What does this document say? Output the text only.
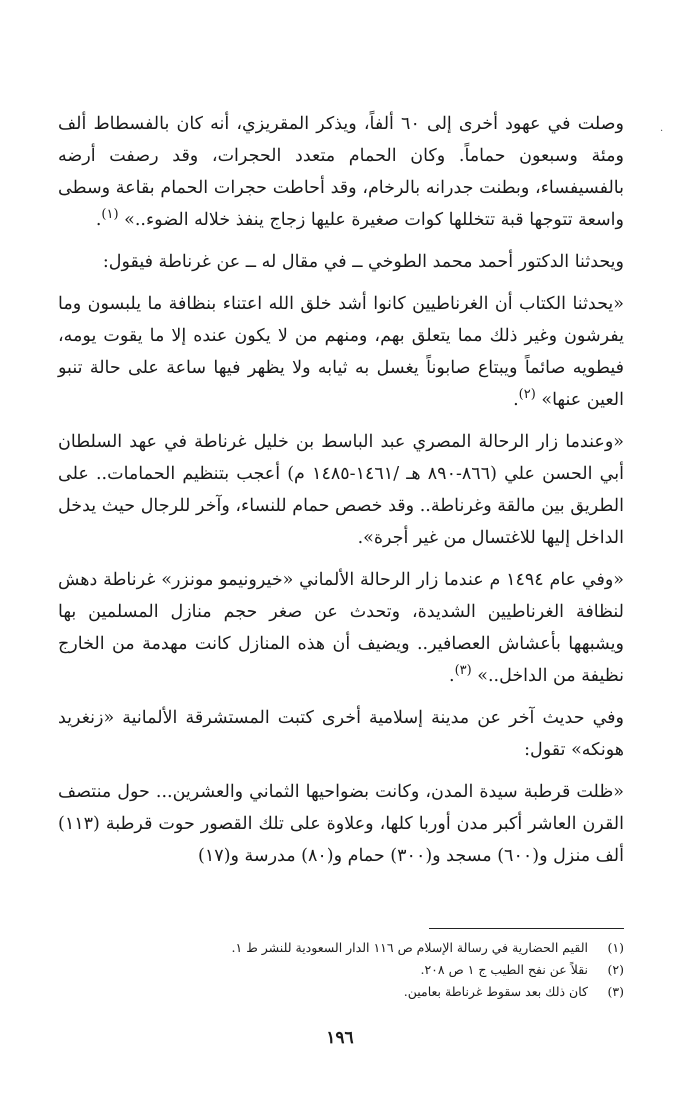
·

وصلت في عهود أخرى إلى ٦٠ ألفاً، ويذكر المقريزي، أنه كان بالفسطاط ألف ومئة وسبعون حماماً. وكان الحمام متعدد الحجرات، وقد رصفت أرضه بالفسيفساء، وبطنت جدرانه بالرخام، وقد أحاطت حجرات الحمام بقاعة وسطى واسعة تتوجها قبة تتخللها كوات صغيرة عليها زجاج ينفذ خلاله الضوء..» $^{(١)}$.

ويحدثنا الدكتور أحمد محمد الطوخي ــ في مقال له ــ عن غرناطة فيقول:

«يحدثنا الكتاب أن الغرناطيين كانوا أشد خلق الله اعتناء بنظافة ما يلبسون وما يفرشون وغير ذلك مما يتعلق بهم، ومنهم من لا يكون عنده إلا ما يقوت يومه، فيطويه صائماً ويبتاع صابوناً يغسل به ثيابه ولا يظهر فيها ساعة على حالة تنبو العين عنها» $^{(٢)}$.

«وعندما زار الرحالة المصري عبد الباسط بن خليل غرناطة في عهد السلطان أبي الحسن علي (٨٦٦-٨٩٠ هـ /١٤٦١-١٤٨٥ م) أعجب بتنظيم الحمامات.. على الطريق بين مالقة وغرناطة.. وقد خصص حمام للنساء، وآخر للرجال حيث يدخل الداخل إليها للاغتسال من غير أجرة».

«وفي عام ١٤٩٤ م عندما زار الرحالة الألماني «خيرونيمو مونزر» غرناطة دهش لنظافة الغرناطيين الشديدة، وتحدث عن صغر حجم منازل المسلمين بها ويشبهها بأعشاش العصافير.. ويضيف أن هذه المنازل كانت مهدمة من الخارج نظيفة من الداخل..» $^{(٣)}$.

وفي حديث آخر عن مدينة إسلامية أخرى كتبت المستشرقة الألمانية «زنغريد هونكه» تقول:

«ظلت قرطبة سيدة المدن، وكانت بضواحيها الثماني والعشرين... حول منتصف القرن العاشر أكبر مدن أوربا كلها، وعلاوة على تلك القصور حوت قرطبة (١١٣) ألف منزل و(٦٠٠) مسجد و(٣٠٠) حمام و(٨٠) مدرسة و(١٧)

(١)
القيم الحضارية في رسالة الإسلام ص ١١٦ الدار السعودية للنشر ط ١.

(٢)
نقلاً عن نفح الطيب ج ١ ص ٢٠٨.

(٣)
كان ذلك بعد سقوط غرناطة بعامين.

١٩٦
